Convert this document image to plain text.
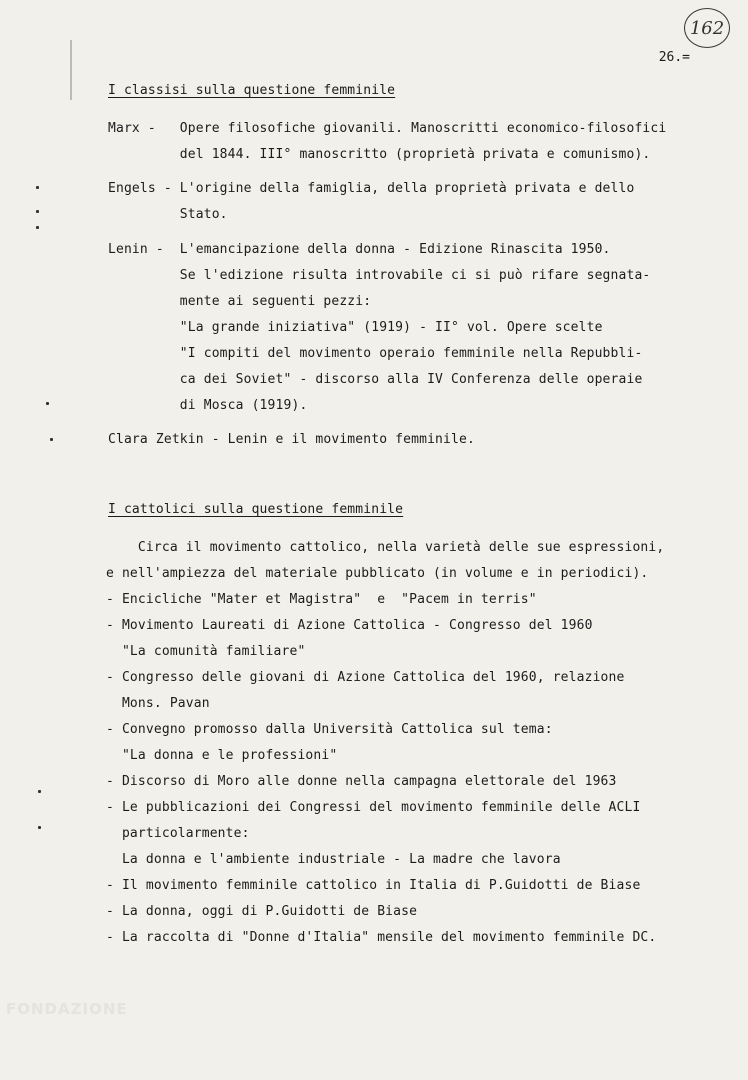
162
26.=
I classisi sulla questione femminile
Marx -   Opere filosofiche giovanili. Manoscritti economico-filosofici
del 1844. III° manoscritto (proprietà privata e comunismo).
Engels - L'origine della famiglia, della proprietà privata e dello
Stato.
Lenin -  L'emancipazione della donna - Edizione Rinascita 1950.
Se l'edizione risulta introvabile ci si può rifare segnata-
mente ai seguenti pezzi:
"La grande iniziativa" (1919) - II° vol. Opere scelte
"I compiti del movimento operaio femminile nella Repubbli-
ca dei Soviet" - discorso alla IV Conferenza delle operaie
di Mosca (1919).
Clara Zetkin - Lenin e il movimento femminile.
I cattolici sulla questione femminile
Circa il movimento cattolico, nella varietà delle sue espressioni,
e nell'ampiezza del materiale pubblicato (in volume e in periodici).
- Encicliche "Mater et Magistra"  e  "Pacem in terris"
- Movimento Laureati di Azione Cattolica - Congresso del 1960
"La comunità familiare"
- Congresso delle giovani di Azione Cattolica del 1960, relazione
Mons. Pavan
- Convegno promosso dalla Università Cattolica sul tema:
"La donna e le professioni"
- Discorso di Moro alle donne nella campagna elettorale del 1963
- Le pubblicazioni dei Congressi del movimento femminile delle ACLI
particolarmente:
La donna e l'ambiente industriale - La madre che lavora
- Il movimento femminile cattolico in Italia di P.Guidotti de Biase
- La donna, oggi di P.Guidotti de Biase
- La raccolta di "Donne d'Italia" mensile del movimento femminile DC.
FONDAZIONE
